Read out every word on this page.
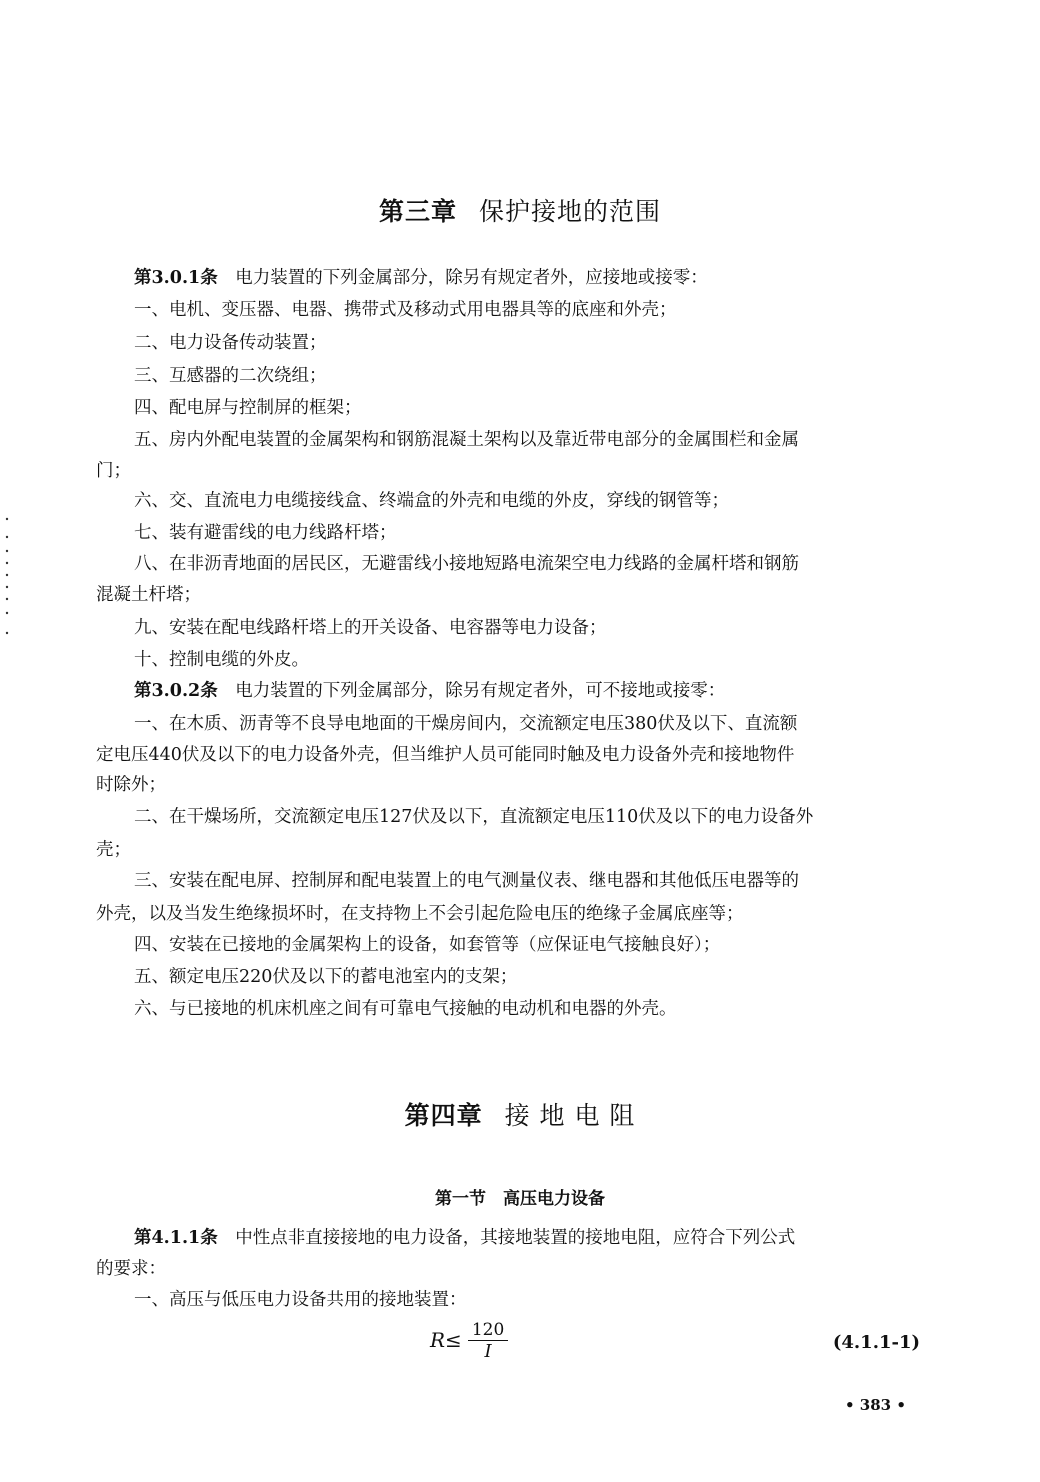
第三章 保护接地的范围
第3.0.1条　 电力装置的下列金属部分，除另有规定者外，应接地或接零：
一、电机、变压器、电器、携带式及移动式用电器具等的底座和外壳；
二、电力设备传动装置；
三、互感器的二次绕组；
四、配电屏与控制屏的框架；
五、房内外配电装置的金属架构和钢筋混凝土架构以及靠近带电部分的金属围栏和金属
门；
六、交、直流电力电缆接线盒、终端盒的外壳和电缆的外皮，穿线的钢管等；
七、装有避雷线的电力线路杆塔；
八、在非沥青地面的居民区，无避雷线小接地短路电流架空电力线路的金属杆塔和钢筋
混凝土杆塔；
九、安装在配电线路杆塔上的开关设备、电容器等电力设备；
十、控制电缆的外皮。
第3.0.2条　 电力装置的下列金属部分，除另有规定者外，可不接地或接零：
一、在木质、沥青等不良导电地面的干燥房间内，交流额定电压380伏及以下、直流额
定电压440伏及以下的电力设备外壳，但当维护人员可能同时触及电力设备外壳和接地物件
时除外；
二、在干燥场所，交流额定电压127伏及以下，直流额定电压110伏及以下的电力设备外
壳；
三、安装在配电屏、控制屏和配电装置上的电气测量仪表、继电器和其他低压电器等的
外壳，以及当发生绝缘损坏时，在支持物上不会引起危险电压的绝缘子金属底座等；
四、安装在已接地的金属架构上的设备，如套管等（应保证电气接触良好）；
五、额定电压220伏及以下的蓄电池室内的支架；
六、与已接地的机床机座之间有可靠电气接触的电动机和电器的外壳。
第四章 接 地 电 阻
第一节　高压电力设备
第4.1.1条　 中性点非直接接地的电力设备，其接地装置的接地电阻，应符合下列公式
的要求：
一、高压与低压电力设备共用的接地装置：
$R\le \frac{120}{I}$	(4.1.1-1)
• 383 •
